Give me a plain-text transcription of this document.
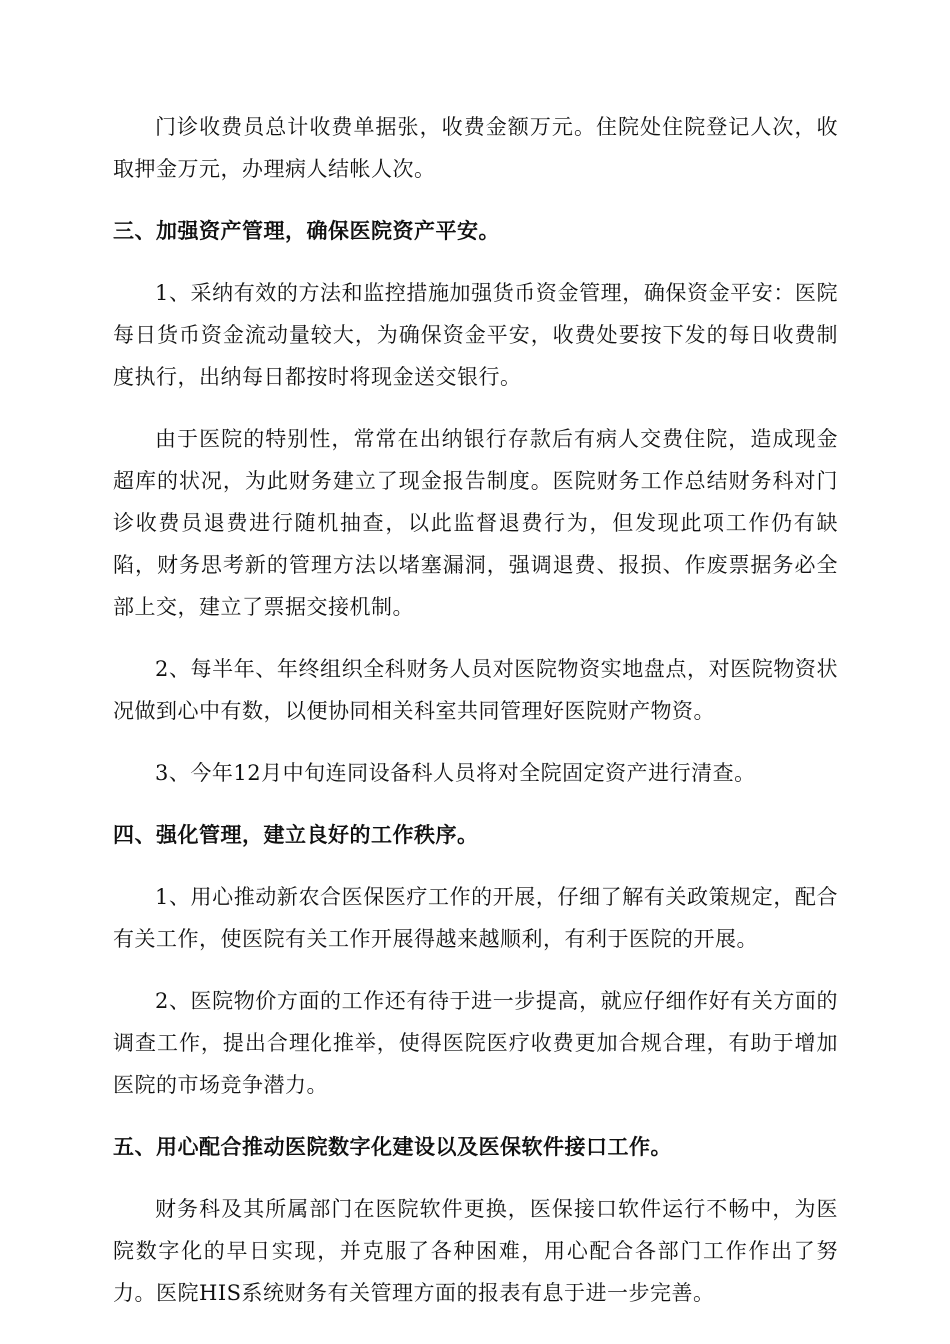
门诊收费员总计收费单据张，收费金额万元。住院处住院登记人次，收取押金万元，办理病人结帐人次。

三、加强资产管理，确保医院资产平安。

1、采纳有效的方法和监控措施加强货币资金管理，确保资金平安：医院每日货币资金流动量较大，为确保资金平安，收费处要按下发的每日收费制度执行，出纳每日都按时将现金送交银行。

由于医院的特别性，常常在出纳银行存款后有病人交费住院，造成现金超库的状况，为此财务建立了现金报告制度。医院财务工作总结财务科对门诊收费员退费进行随机抽查，以此监督退费行为，但发现此项工作仍有缺陷，财务思考新的管理方法以堵塞漏洞，强调退费、报损、作废票据务必全部上交，建立了票据交接机制。

2、每半年、年终组织全科财务人员对医院物资实地盘点，对医院物资状况做到心中有数，以便协同相关科室共同管理好医院财产物资。

3、今年12月中旬连同设备科人员将对全院固定资产进行清查。

四、强化管理，建立良好的工作秩序。

1、用心推动新农合医保医疗工作的开展，仔细了解有关政策规定，配合有关工作，使医院有关工作开展得越来越顺利，有利于医院的开展。

2、医院物价方面的工作还有待于进一步提高，就应仔细作好有关方面的调查工作，提出合理化推举，使得医院医疗收费更加合规合理，有助于增加医院的市场竞争潜力。

五、用心配合推动医院数字化建设以及医保软件接口工作。

财务科及其所属部门在医院软件更换，医保接口软件运行不畅中，为医院数字化的早日实现，并克服了各种困难，用心配合各部门工作作出了努力。医院HIS系统财务有关管理方面的报表有息于进一步完善。
